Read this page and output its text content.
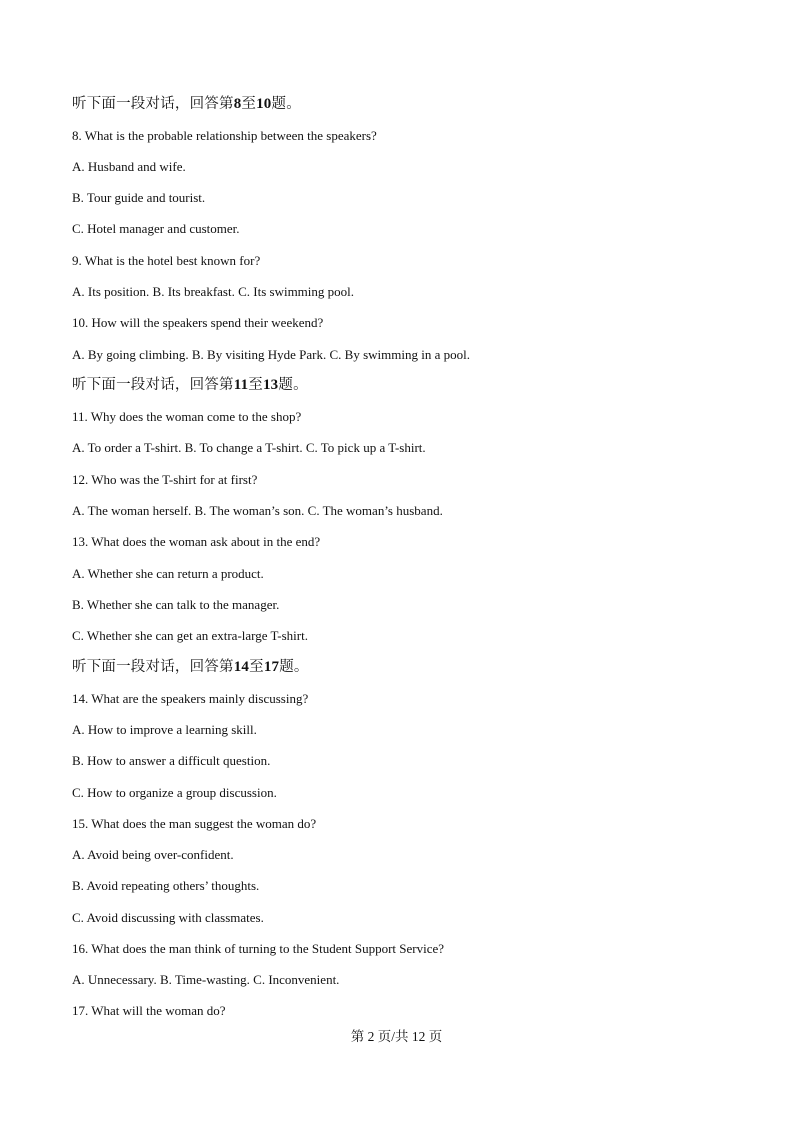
听下面一段对话，回答第8至10题。
8. What is the probable relationship between the speakers?
A. Husband and wife.
B. Tour guide and tourist.
C. Hotel manager and customer.
9. What is the hotel best known for?
A. Its position. B. Its breakfast. C. Its swimming pool.
10. How will the speakers spend their weekend?
A. By going climbing. B. By visiting Hyde Park. C. By swimming in a pool.
听下面一段对话，回答第11至13题。
11. Why does the woman come to the shop?
A. To order a T-shirt. B. To change a T-shirt. C. To pick up a T-shirt.
12. Who was the T-shirt for at first?
A. The woman herself. B. The woman’s son. C. The woman’s husband.
13. What does the woman ask about in the end?
A. Whether she can return a product.
B. Whether she can talk to the manager.
C. Whether she can get an extra-large T-shirt.
听下面一段对话，回答第14至17题。
14. What are the speakers mainly discussing?
A. How to improve a learning skill.
B. How to answer a difficult question.
C. How to organize a group discussion.
15. What does the man suggest the woman do?
A. Avoid being over-confident.
B. Avoid repeating others’ thoughts.
C. Avoid discussing with classmates.
16. What does the man think of turning to the Student Support Service?
A. Unnecessary. B. Time-wasting. C. Inconvenient.
17. What will the woman do?
第 2 页/共 12 页
